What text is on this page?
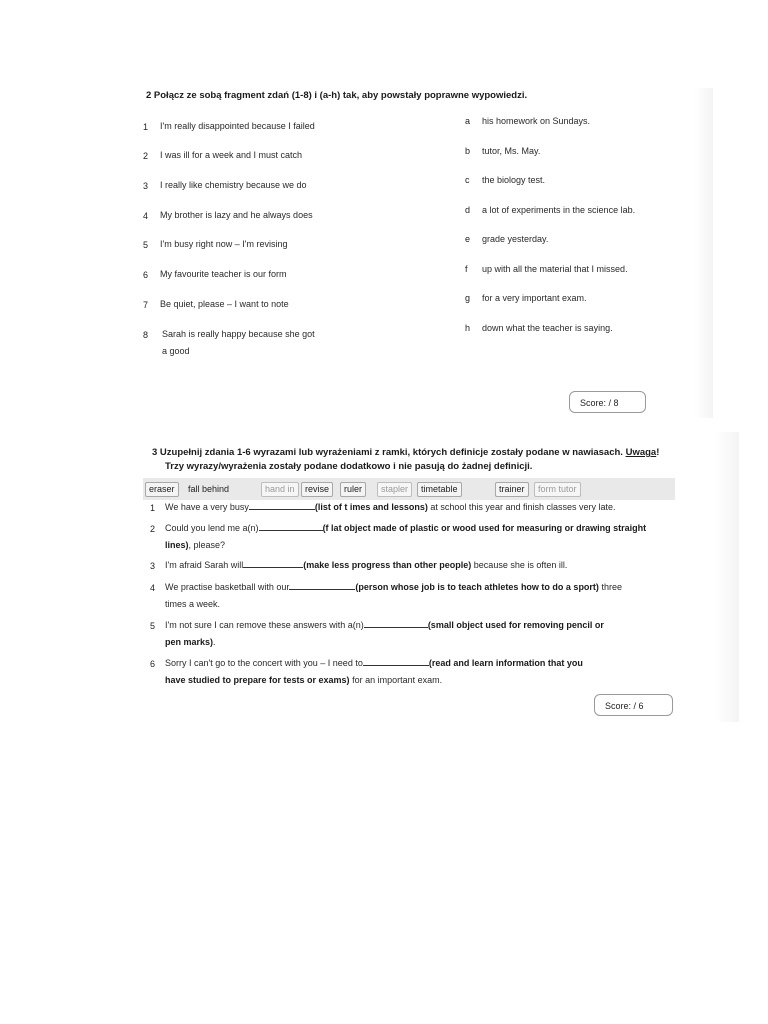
2 Połącz ze sobą fragment zdań (1-8) i (a-h) tak, aby powstały poprawne wypowiedzi.
1 I'm really disappointed because I failed
2 I was ill for a week and I must catch
3 I really like chemistry because we do
4 My brother is lazy and he always does
5 I'm busy right now – I'm revising
6 My favourite teacher is our form
7 Be quiet, please – I want to note
8 Sarah is really happy because she got
a good
a his homework on Sundays.
b tutor, Ms. May.
c the biology test.
d a lot of experiments in the science lab.
e grade yesterday.
f up with all the material that I missed.
g for a very important exam.
h down what the teacher is saying.
Score: / 8
3 Uzupełnij zdania 1-6 wyrazami lub wyrażeniami z ramki, których definicje zostały podane w nawiasach. Uwaga!
Trzy wyrazy/wyrażenia zostały podane dodatkowo i nie pasują do żadnej definicji.
eraser	fall behind	hand in	revise	ruler	stapler	timetable	trainer	form tutor
1 We have a very busy	(list of t imes and lessons) at school this year and finish classes very late.
2 Could you lend me a(n)	(f lat object made of plastic or wood used for measuring or drawing straight
lines), please?
3 I'm afraid Sarah will	(make less progress than other people) because she is often ill.
4 We practise basketball with our	(person whose job is to teach athletes how to do a sport) three
times a week.
5 I'm not sure I can remove these answers with a(n)	(small object used for removing pencil or
pen marks).
6 Sorry I can't go to the concert with you – I need to	(read and learn information that you
have studied to prepare for tests or exams) for an important exam.
Score: / 6
